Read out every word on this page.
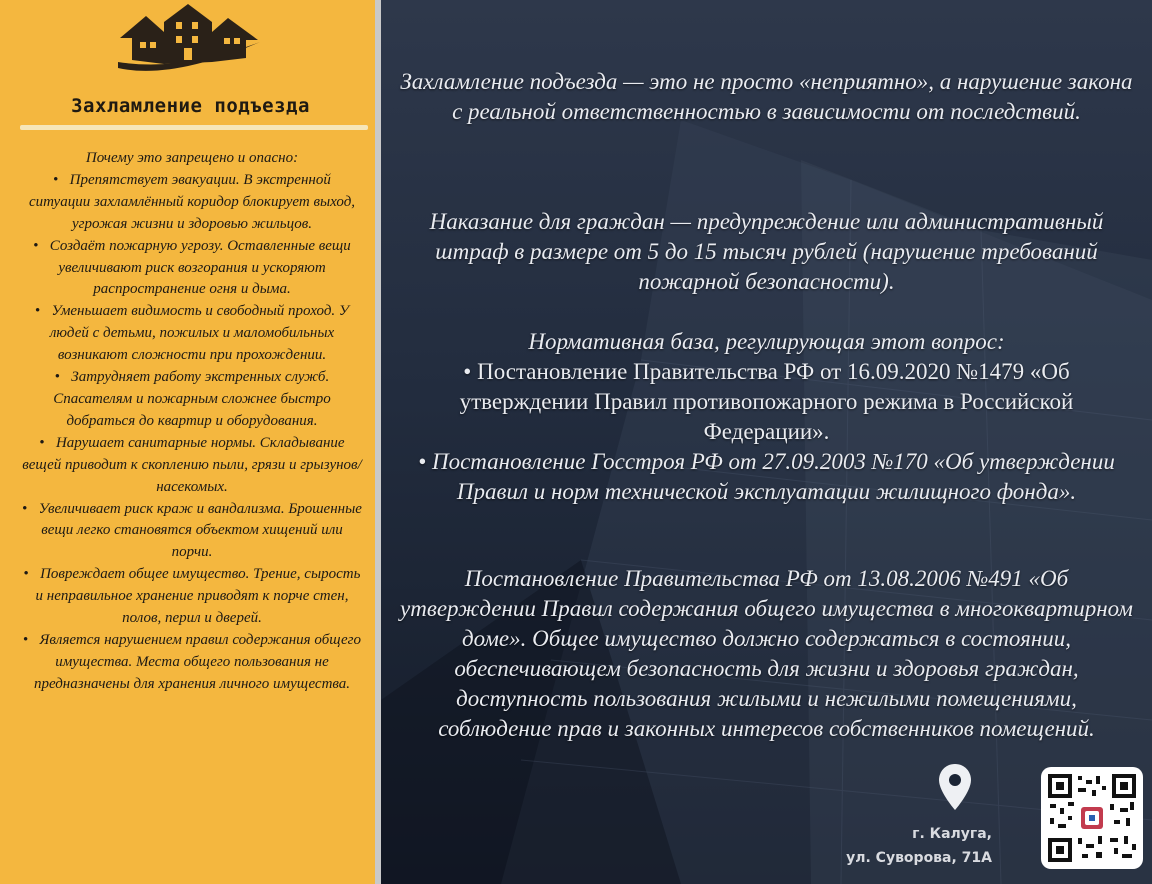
Захламление подъезда
Почему это запрещено и опасно:
•   Препятствует эвакуации. В экстренной ситуации захламлённый коридор блокирует выход, угрожая жизни и здоровью жильцов.
•   Создаёт пожарную угрозу. Оставленные вещи увеличивают риск возгорания и ускоряют распространение огня и дыма.
•   Уменьшает видимость и свободный проход. У людей с детьми, пожилых и маломобильных возникают сложности при прохождении.
•   Затрудняет работу экстренных служб. Спасателям и пожарным сложнее быстро добраться до квартир и оборудования.
•   Нарушает санитарные нормы. Складывание вещей приводит к скоплению пыли, грязи и грызунов/насекомых.
•   Увеличивает риск краж и вандализма. Брошенные вещи легко становятся объектом хищений или порчи.
•   Повреждает общее имущество. Трение, сырость и неправильное хранение приводят к порче стен, полов, перил и дверей.
•   Является нарушением правил содержания общего имущества. Места общего пользования не предназначены для хранения личного имущества.
Захламление подъезда — это не просто «неприятно», а нарушение закона с реальной ответственностью в зависимости от последствий.
Наказание для граждан — предупреждение или административный штраф в размере от 5 до 15 тысяч рублей (нарушение требований пожарной безопасности).
Нормативная база, регулирующая этот вопрос:
• Постановление Правительства РФ от 16.09.2020 №1479 «Об утверждении Правил противопожарного режима в Российской Федерации».
• Постановление Госстроя РФ от 27.09.2003 №170 «Об утверждении Правил и норм технической эксплуатации жилищного фонда».
Постановление Правительства РФ от 13.08.2006 №491 «Об утверждении Правил содержания общего имущества в многоквартирном доме». Общее имущество должно содержаться в состоянии, обеспечивающем безопасность для жизни и здоровья граждан, доступность пользования жилыми и нежилыми помещениями, соблюдение прав и законных интересов собственников помещений.
г. Калуга,
ул. Суворова, 71А
